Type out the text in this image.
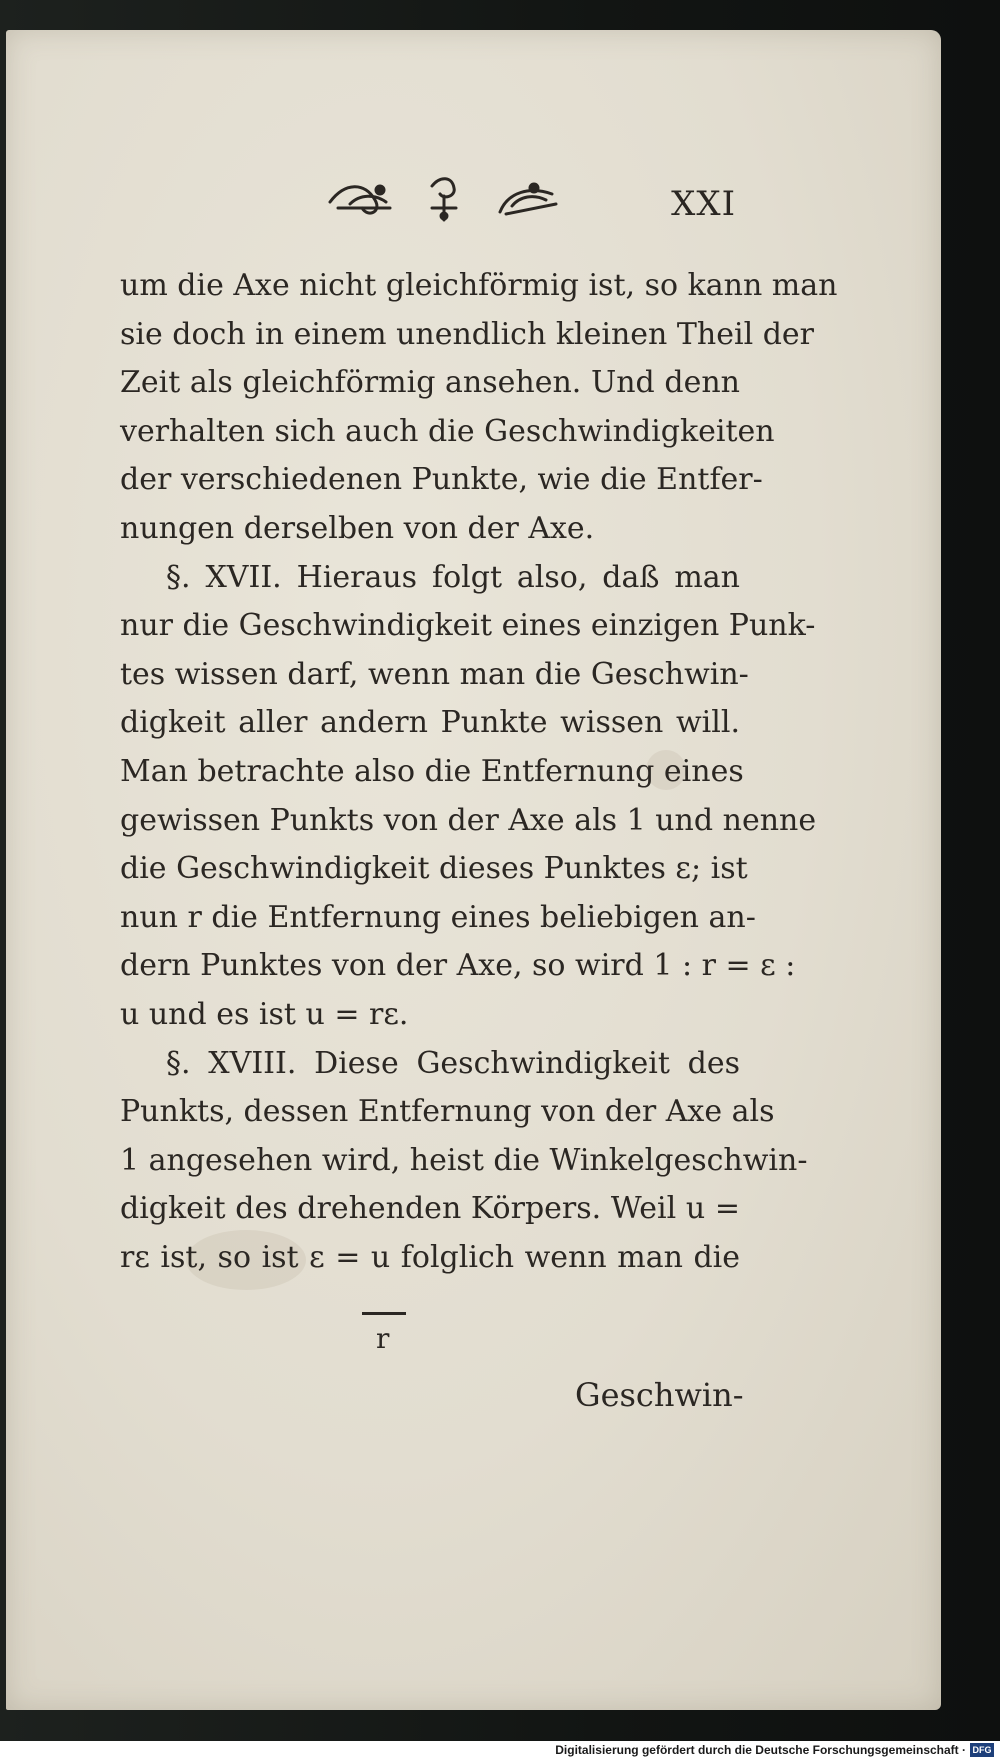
XXI
um die Axe nicht gleichförmig ist, so kann man
sie doch in einem unendlich kleinen Theil der
Zeit als gleichförmig ansehen. Und denn
verhalten sich auch die Geschwindigkeiten
der verschiedenen Punkte, wie die Entfer-
nungen derselben von der Axe.
§. XVII. Hieraus folgt also, daß man
nur die Geschwindigkeit eines einzigen Punk-
tes wissen darf, wenn man die Geschwin-
digkeit aller andern Punkte wissen will.
Man betrachte also die Entfernung eines
gewissen Punkts von der Axe als 1 und nenne
die Geschwindigkeit dieses Punktes ɛ; ist
nun r die Entfernung eines beliebigen an-
dern Punktes von der Axe, so wird 1 : r = ɛ :
u und es ist u = rɛ.
§. XVIII. Diese Geschwindigkeit des
Punkts, dessen Entfernung von der Axe als
1 angesehen wird, heist die Winkelgeschwin-
digkeit des drehenden Körpers. Weil u =
rɛ ist, so ist ɛ = u folglich wenn man die
r
Geschwin-
Digitalisierung gefördert durch die Deutsche Forschungsgemeinschaft · DFG
